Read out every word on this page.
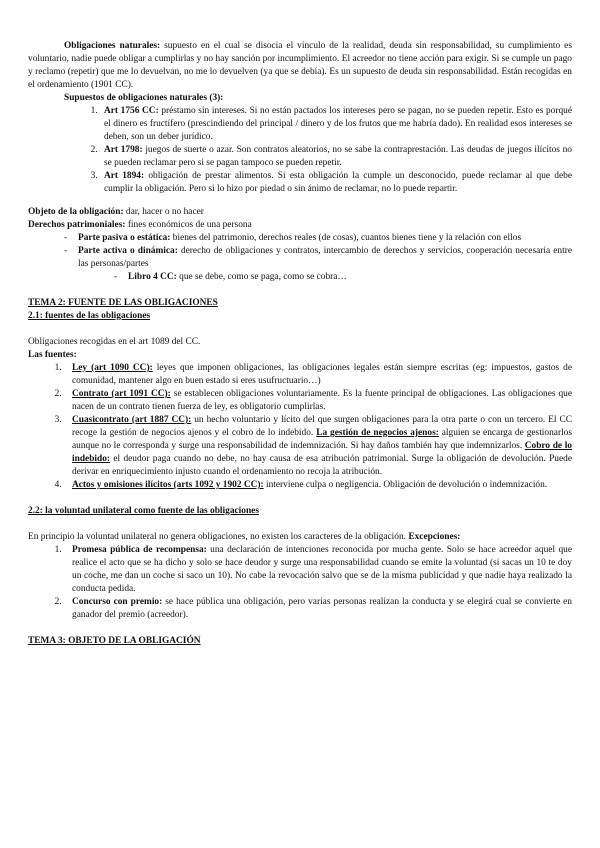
Obligaciones naturales: supuesto en el cual se disocia el vínculo de la realidad, deuda sin responsabilidad, su cumplimiento es voluntario, nadie puede obligar a cumplirlas y no hay sanción por incumplimiento. El acreedor no tiene acción para exigir. Si se cumple un pago y reclamo (repetir) que me lo devuelvan, no me lo devuelven (ya que se debía). Es un supuesto de deuda sin responsabilidad. Están recogidas en el ordenamiento (1901 CC).

Supuestos de obligaciones naturales (3):

1. Art 1756 CC: préstamo sin intereses. Si no están pactados los intereses pero se pagan, no se pueden repetir. Esto es porqué el dinero es fructífero (prescindiendo del principal / dinero y de los frutos que me habría dado). En realidad esos intereses se deben, son un deber jurídico.
2. Art 1798: juegos de suerte o azar. Son contratos aleatorios, no se sabe la contraprestación. Las deudas de juegos ilícitos no se pueden reclamar pero si se pagan tampoco se pueden repetir.
3. Art 1894: obligación de prestar alimentos. Si esta obligación la cumple un desconocido, puede reclamar al que debe cumplir la obligación. Pero si lo hizo por piedad o sin ánimo de reclamar, no lo puede repartir.

Objeto de la obligación: dar, hacer o no hacer

Derechos patrimoniales: fines económicos de una persona

- Parte pasiva o estática: bienes del patrimonio, derechos reales (de cosas), cuantos bienes tiene y la relación con ellos
- Parte activa o dinámica: derecho de obligaciones y contratos, intercambio de derechos y servicios, cooperación necesaria entre las personas/partes
- Libro 4 CC: que se debe, como se paga, como se cobra…

TEMA 2: FUENTE DE LAS OBLIGACIONES

2.1: fuentes de las obligaciones

Obligaciones recogidas en el art 1089 del CC.

Las fuentes:

1. Ley (art 1090 CC): leyes que imponen obligaciones, las obligaciones legales están siempre escritas (eg: impuestos, gastos de comunidad, mantener algo en buen estado si eres usufructuario…)
2. Contrato (art 1091 CC): se establecen obligaciones voluntariamente. Es la fuente principal de obligaciones. Las obligaciones que nacen de un contrato tienen fuerza de ley, es obligatorio cumplirlas.
3. Cuasicontrato (art 1887 CC): un hecho voluntario y lícito del que surgen obligaciones para la otra parte o con un tercero. El CC recoge la gestión de negocios ajenos y el cobro de lo indebido. La gestión de negocios ajenos: alguien se encarga de gestionarlos aunque no le corresponda y surge una responsabilidad de indemnización. Si hay daños también hay que indemnizarlos. Cobro de lo indebido: el deudor paga cuando no debe, no hay causa de esa atribución patrimonial. Surge la obligación de devolución. Puede derivar en enriquecimiento injusto cuando el ordenamiento no recoja la atribución.
4. Actos y omisiones ilícitos (arts 1092 y 1902 CC): interviene culpa o negligencia. Obligación de devolución o indemnización.

2.2: la voluntad unilateral como fuente de las obligaciones

En principio la voluntad unilateral no genera obligaciones, no existen los caracteres de la obligación. Excepciones:

1. Promesa pública de recompensa: una declaración de intenciones reconocida por mucha gente. Solo se hace acreedor aquel que realice el acto que se ha dicho y solo se hace deudor y surge una responsabilidad cuando se emite la voluntad (si sacas un 10 te doy un coche, me dan un coche si saco un 10). No cabe la revocación salvo que se de la misma publicidad y que nadie haya realizado la conducta pedida.
2. Concurso con premio: se hace pública una obligación, pero varias personas realizan la conducta y se elegirá cual se convierte en ganador del premio (acreedor).

TEMA 3: OBJETO DE LA OBLIGACIÓN
